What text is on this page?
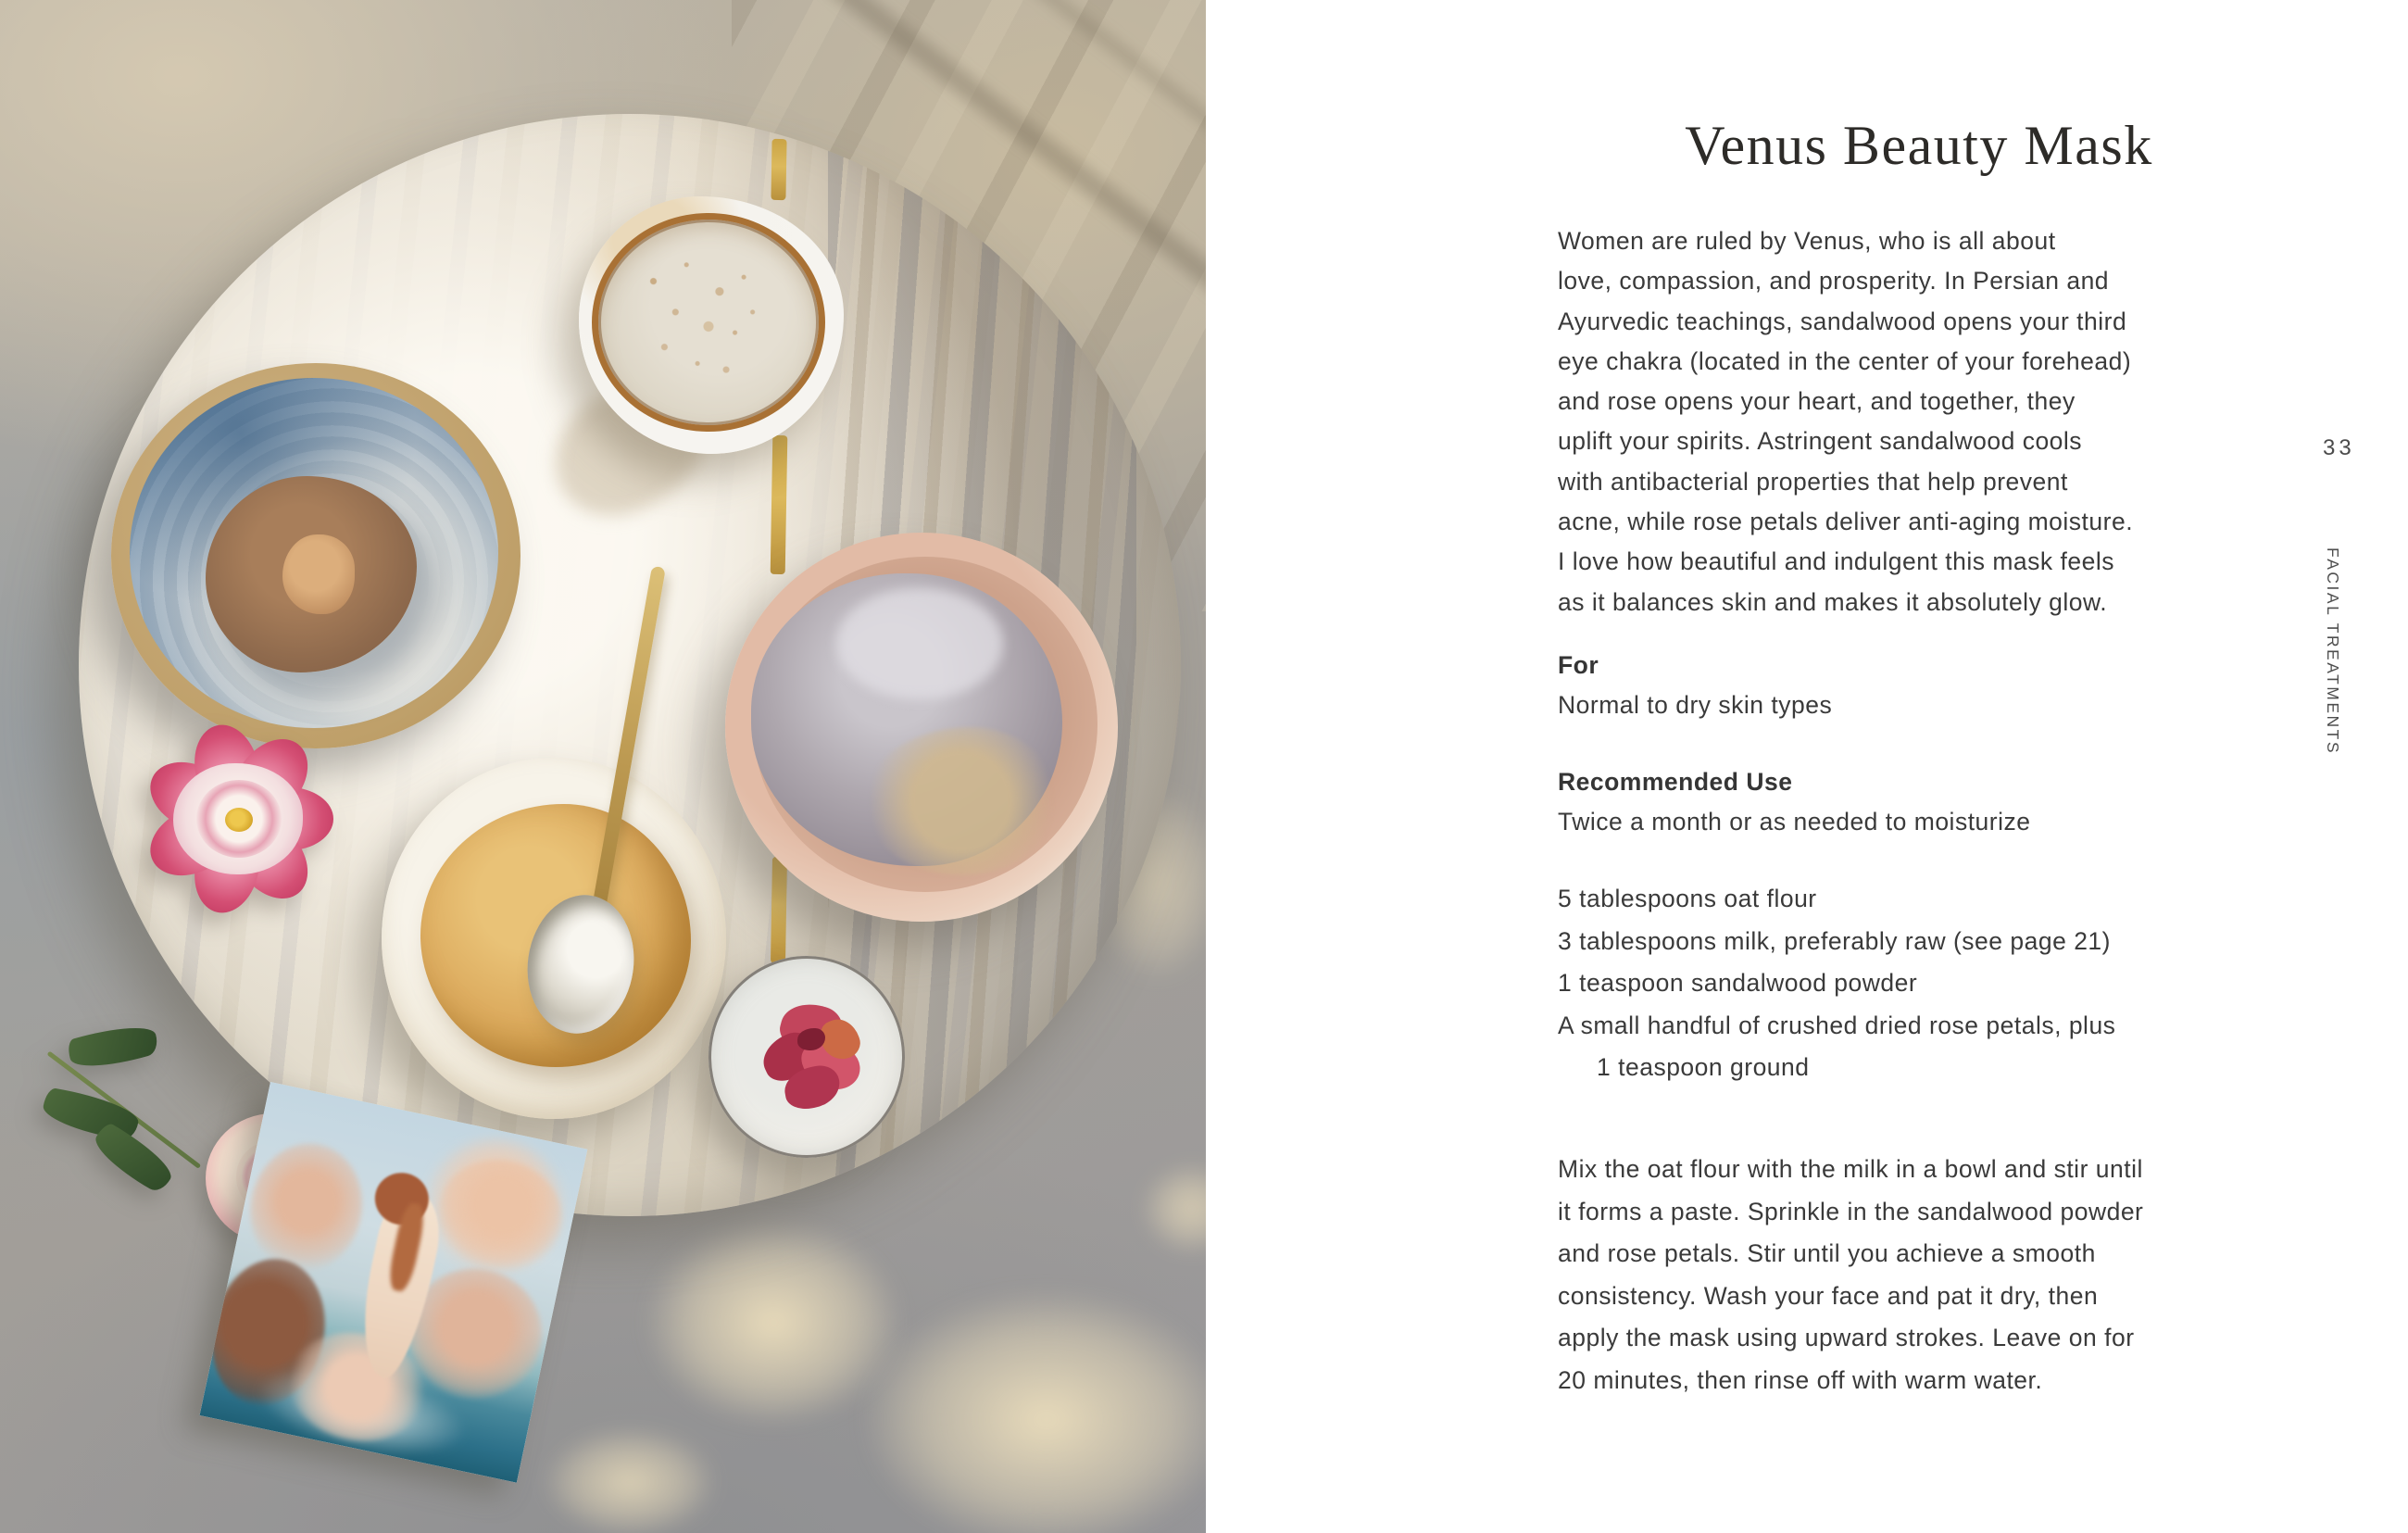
Venus Beauty Mask
Women are ruled by Venus, who is all about
love, compassion, and prosperity. In Persian and
Ayurvedic teachings, sandalwood opens your third
eye chakra (located in the center of your forehead)
and rose opens your heart, and together, they
uplift your spirits. Astringent sandalwood cools
with antibacterial properties that help prevent
acne, while rose petals deliver anti-aging moisture.
I love how beautiful and indulgent this mask feels
as it balances skin and makes it absolutely glow.
For
Normal to dry skin types
Recommended Use
Twice a month or as needed to moisturize
5 tablespoons oat flour
3 tablespoons milk, preferably raw (see page 21)
1 teaspoon sandalwood powder
A small handful of crushed dried rose petals, plus
1 teaspoon ground
Mix the oat flour with the milk in a bowl and stir until
it forms a paste. Sprinkle in the sandalwood powder
and rose petals. Stir until you achieve a smooth
consistency. Wash your face and pat it dry, then
apply the mask using upward strokes. Leave on for
20 minutes, then rinse off with warm water.
33
FACIAL TREATMENTS
